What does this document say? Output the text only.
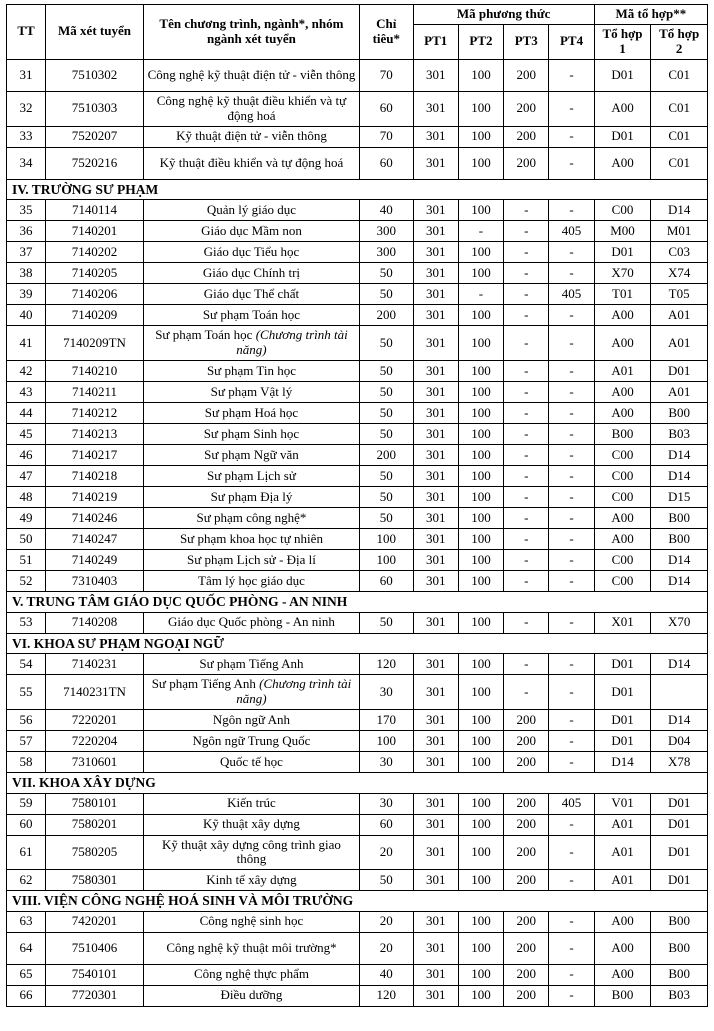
TT	Mã xét tuyển	Tên chương trình, ngành*, nhóm ngành xét tuyển	Chỉ tiêu*	Mã phương thức				Mã tổ hợp**	
				PT1	PT2	PT3	PT4	Tổ hợp 1	Tổ hợp 2
31	7510302	Công nghệ kỹ thuật điện tử - viễn thông	70	301	100	200	-	D01	C01
32	7510303	Công nghệ kỹ thuật điều khiển và tự động hoá	60	301	100	200	-	A00	C01
33	7520207	Kỹ thuật điện tử - viễn thông	70	301	100	200	-	D01	C01
34	7520216	Kỹ thuật điều khiển và tự động hoá	60	301	100	200	-	A00	C01
IV. TRƯỜNG SƯ PHẠM									
35	7140114	Quản lý giáo dục	40	301	100	-	-	C00	D14
36	7140201	Giáo dục Mầm non	300	301	-	-	405	M00	M01
37	7140202	Giáo dục Tiểu học	300	301	100	-	-	D01	C03
38	7140205	Giáo dục Chính trị	50	301	100	-	-	X70	X74
39	7140206	Giáo dục Thể chất	50	301	-	-	405	T01	T05
40	7140209	Sư phạm Toán học	200	301	100	-	-	A00	A01
41	7140209TN	Sư phạm Toán học (Chương trình tài năng)	50	301	100	-	-	A00	A01
42	7140210	Sư phạm Tin học	50	301	100	-	-	A01	D01
43	7140211	Sư phạm Vật lý	50	301	100	-	-	A00	A01
44	7140212	Sư phạm Hoá học	50	301	100	-	-	A00	B00
45	7140213	Sư phạm Sinh học	50	301	100	-	-	B00	B03
46	7140217	Sư phạm Ngữ văn	200	301	100	-	-	C00	D14
47	7140218	Sư phạm Lịch sử	50	301	100	-	-	C00	D14
48	7140219	Sư phạm Địa lý	50	301	100	-	-	C00	D15
49	7140246	Sư phạm công nghệ*	50	301	100	-	-	A00	B00
50	7140247	Sư phạm khoa học tự nhiên	100	301	100	-	-	A00	B00
51	7140249	Sư phạm Lịch sử - Địa lí	100	301	100	-	-	C00	D14
52	7310403	Tâm lý học giáo dục	60	301	100	-	-	C00	D14
V. TRUNG TÂM GIÁO DỤC QUỐC PHÒNG - AN NINH									
53	7140208	Giáo dục Quốc phòng - An ninh	50	301	100	-	-	X01	X70
VI. KHOA SƯ PHẠM NGOẠI NGỮ									
54	7140231	Sư phạm Tiếng Anh	120	301	100	-	-	D01	D14
55	7140231TN	Sư phạm Tiếng Anh (Chương trình tài năng)	30	301	100	-	-	D01	
56	7220201	Ngôn ngữ Anh	170	301	100	200	-	D01	D14
57	7220204	Ngôn ngữ Trung Quốc	100	301	100	200	-	D01	D04
58	7310601	Quốc tế học	30	301	100	200	-	D14	X78
VII. KHOA XÂY DỰNG									
59	7580101	Kiến trúc	30	301	100	200	405	V01	D01
60	7580201	Kỹ thuật xây dựng	60	301	100	200	-	A01	D01
61	7580205	Kỹ thuật xây dựng công trình giao thông	20	301	100	200	-	A01	D01
62	7580301	Kinh tế xây dựng	50	301	100	200	-	A01	D01
VIII. VIỆN CÔNG NGHỆ HOÁ SINH VÀ MÔI TRƯỜNG									
63	7420201	Công nghệ sinh học	20	301	100	200	-	A00	B00
64	7510406	Công nghệ kỹ thuật môi trường*	20	301	100	200	-	A00	B00
65	7540101	Công nghệ thực phẩm	40	301	100	200	-	A00	B00
66	7720301	Điều dưỡng	120	301	100	200	-	B00	B03
